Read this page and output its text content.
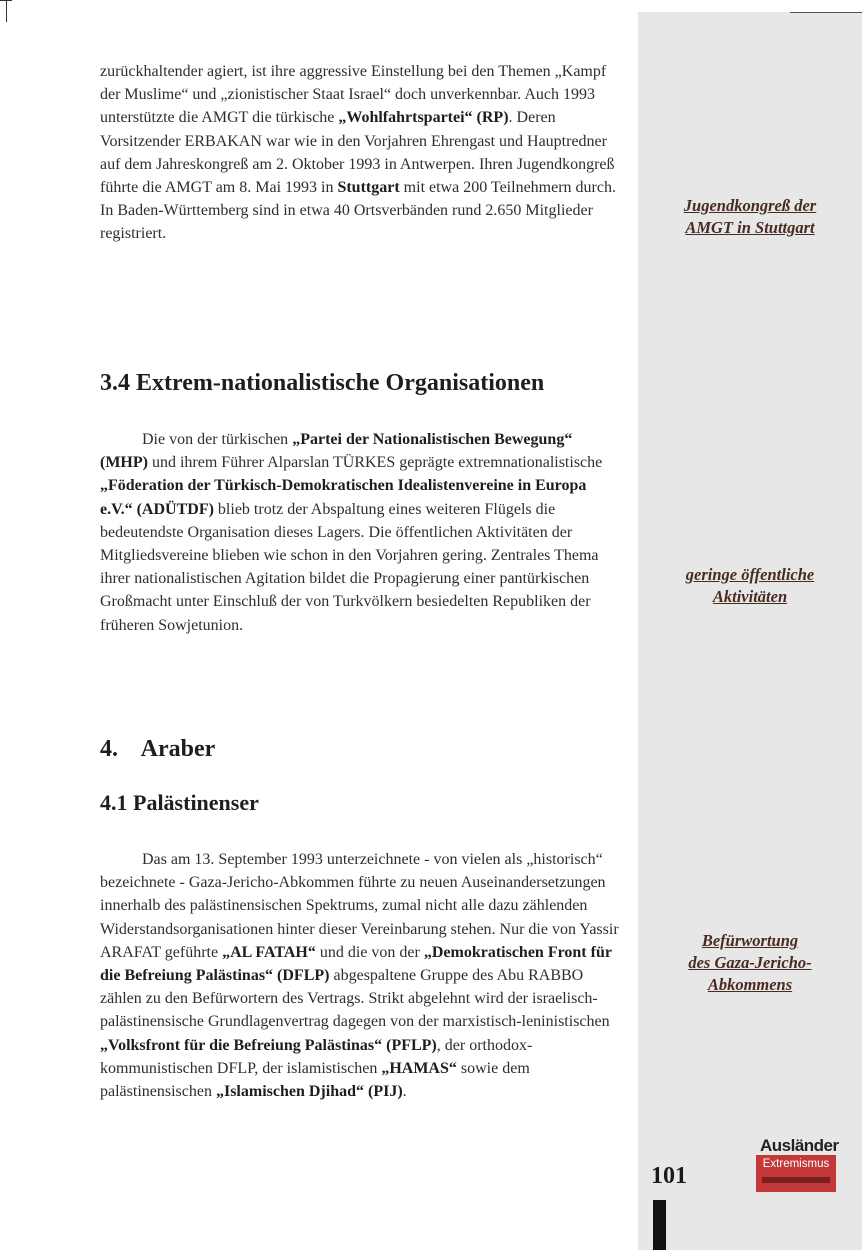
zurückhaltender agiert, ist ihre aggressive Einstellung bei den Themen „Kampf der Muslime“ und „zionistischer Staat Israel“ doch unverkennbar. Auch 1993 unterstützte die AMGT die türkische „Wohlfahrtspartei“ (RP). Deren Vorsitzender ERBAKAN war wie in den Vorjahren Ehrengast und Hauptredner auf dem Jahreskongreß am 2. Oktober 1993 in Antwerpen. Ihren Jugendkongreß führte die AMGT am 8. Mai 1993 in Stuttgart mit etwa 200 Teilnehmern durch.

In Baden-Württemberg sind in etwa 40 Ortsverbänden rund 2.650 Mitglieder registriert.

3.4 Extrem-nationalistische Organisationen

Die von der türkischen „Partei der Nationalistischen Bewegung“ (MHP) und ihrem Führer Alparslan TÜRKES geprägte extremnationalistische „Föderation der Türkisch-Demokratischen Idealistenvereine in Europa e.V.“ (ADÜTDF) blieb trotz der Abspaltung eines weiteren Flügels die bedeutendste Organisation dieses Lagers. Die öffentlichen Aktivitäten der Mitgliedsvereine blieben wie schon in den Vorjahren gering. Zentrales Thema ihrer nationalistischen Agitation bildet die Propagierung einer pantürkischen Großmacht unter Einschluß der von Turkvölkern besiedelten Republiken der früheren Sowjetunion.

4.    Araber
4.1 Palästinenser

Das am 13. September 1993 unterzeichnete - von vielen als „historisch“ bezeichnete - Gaza-Jericho-Abkommen führte zu neuen Auseinandersetzungen innerhalb des palästinensischen Spektrums, zumal nicht alle dazu zählenden Widerstandsorganisationen hinter dieser Vereinbarung stehen. Nur die von Yassir ARAFAT geführte „AL FATAH“ und die von der „Demokratischen Front für die Befreiung Palästinas“ (DFLP) abgespaltene Gruppe des Abu RABBO zählen zu den Befürwortern des Vertrags. Strikt abgelehnt wird der israelisch-palästinensische Grundlagenvertrag dagegen von der marxistisch-leninistischen „Volksfront für die Befreiung Palästinas“ (PFLP), der orthodox-kommunistischen DFLP, der islamistischen „HAMAS“ sowie dem palästinensischen „Islamischen Djihad“ (PIJ).

Jugendkongreß der
AMGT in Stuttgart
geringe öffentliche
Aktivitäten
Befürwortung
des Gaza-Jericho-
Abkommens
101	Extremismus
Ausländer
